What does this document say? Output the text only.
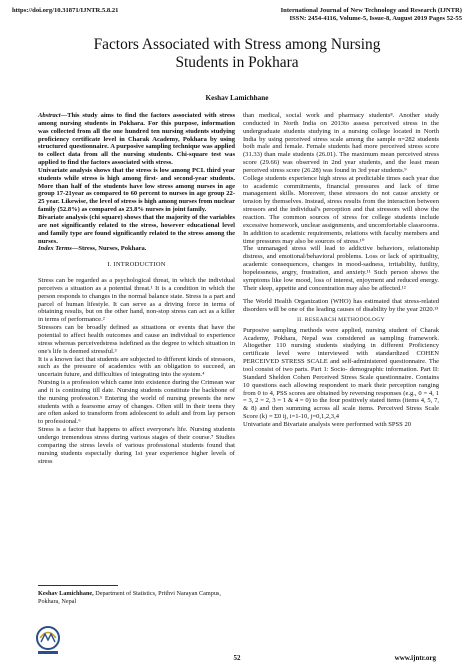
https://doi.org/10.31871/IJNTR.5.8.21	International Journal of New Technology and Research (IJNTR)
ISSN: 2454-4116, Volume-5, Issue-8, August 2019 Pages 52-55
Factors Associated with Stress among Nursing
Students in Pokhara
Keshav Lamichhane

Abstract—This study aims to find the factors associated with stress among nursing students in Pokhara. For this purpose, information was collected from all the one hundred ten nursing students studying proficiency certificate level in Charak Academy, Pokhara by using structured questionnaire. A purposive sampling technique was applied to collect data from all the nursing students. Chi-square test was applied to find the factors associated with stress.

Univariate analysis shows that the stress is low among PCL third year students while stress is high among first- and second-year students. More than half of the students have low stress among nurses in age group 17-21year as compared to 60 percent to nurses in age group 22-25 year. Likewise, the level of stress is high among nurses from nuclear family (52.8%) as compared as 23.8% nurses in joint family.

Bivariate analysis (chi square) shows that the majority of the variables are not significantly related to the stress, however educational level and family type are found significantly related to the stress among the nurses.

Index Terms—Stress, Nurses, Pokhara.

I. INTRODUCTION

Stress can be regarded as a psychological threat, in which the individual perceives a situation as a potential threat.¹ It is a condition in which the person responds to changes in the normal balance state. Stress is a part and parcel of human lifestyle. It can serve as a driving force in terms of obtaining results, but on the other hand, non-stop stress can act as a killer in terms of performance.²

Stressors can be broadly defined as situations or events that have the potential to affect health outcomes and cause an individual to experience stress whereas perceivedstress isdefined as the degree to which situation in one's life is deemed stressful.³

It is a known fact that students are subjected to different kinds of stressors, such as the pressure of academics with an obligation to succeed, an uncertain future, and difficulties of integrating into the system.⁴

Nursing is a profession which came into existence during the Crimean war and it is continuing till date. Nursing students constitute the backbone of the nursing profession.⁵ Entering the world of nursing presents the new students with a fearsome array of changes. Often still in their teens they are often asked to transform from adolescent to adult and from lay person to professional.⁶

Stress is a factor that happens to affect everyone's life. Nursing students undergo tremendous stress during various stages of their course.⁷ Studies comparing the stress levels of various professional students found that nursing students especially during 1st year experience higher levels of stress

Keshav Lamichhane, Department of Statistics, Prithvi Narayan Campus, Pokhara, Nepal

than medical, social work and pharmacy students⁸. Another study conducted in North India on 2013to assess perceived stress in the undergraduate students studying in a nursing college located in North India by using perceived stress scale among the sample n=282 students both male and female. Female students had more perceived stress score (31.33) than male students (26.01). The maximum mean perceived stress score (29.66) was observed in 2nd year students, and the least mean perceived stress score (26.28) was found in 3rd year students.⁹

College students experience high stress at predictable times each year due to academic commitments, financial pressures and lack of time management skills. Moreover, these stressors do not cause anxiety or tension by themselves. Instead, stress results from the interaction between stressors and the individual's perception and that stressors will show the reaction. The common sources of stress for college students include excessive homework, unclear assignments, and uncomfortable classrooms. In addition to academic requirements, relations with faculty members and time pressures may also be sources of stress.¹⁰

The unmanaged stress will lead to addictive behaviors, relationship distress, and emotional/behavioral problems. Loss or lack of spirituality, academic consequences, changes in mood-sadness, irritability, futility, hopelessness, angry, frustration, and anxiety.¹¹ Such person shows the symptoms like low mood, loss of interest, enjoyment and reduced energy. Their sleep, appetite and concentration may also be affected.¹²

The World Health Organization (WHO) has estimated that stress-related disorders will be one of the leading causes of disability by the year 2020.¹³

II. RESEARCH METHODOLOGY

Purposive sampling methods were applied, nursing student of Charak Academy, Pokhara, Nepal was considered as sampling framework. Altogether 110 nursing students studying in different Proficiency certificate level were interviewed with standardized COHEN PERCEIVED STRESS SCALE and self-administered questionnaire. The tool consist of two parts. Part 1: Socio- demographic information. Part II: Standard Sheldon Cohen Perceived Stress Scale questionnaire. Contains 10 questions each allowing respondent to mark their perception ranging from 0 to 4, PSS scores are obtained by reversing responses (e.g., 0 = 4, 1 = 3, 2 = 2, 3 = 1 & 4 = 0) to the four positively stated items (items 4, 5, 7, & 8) and then summing across all scale items. Perceived Stress Scale Score (k) = Σ0 ij, i=1-10, j=0,1,2,3,4

Univariate and Bivariate analysis were performed with SPSS 20

52	www.ijntr.org
